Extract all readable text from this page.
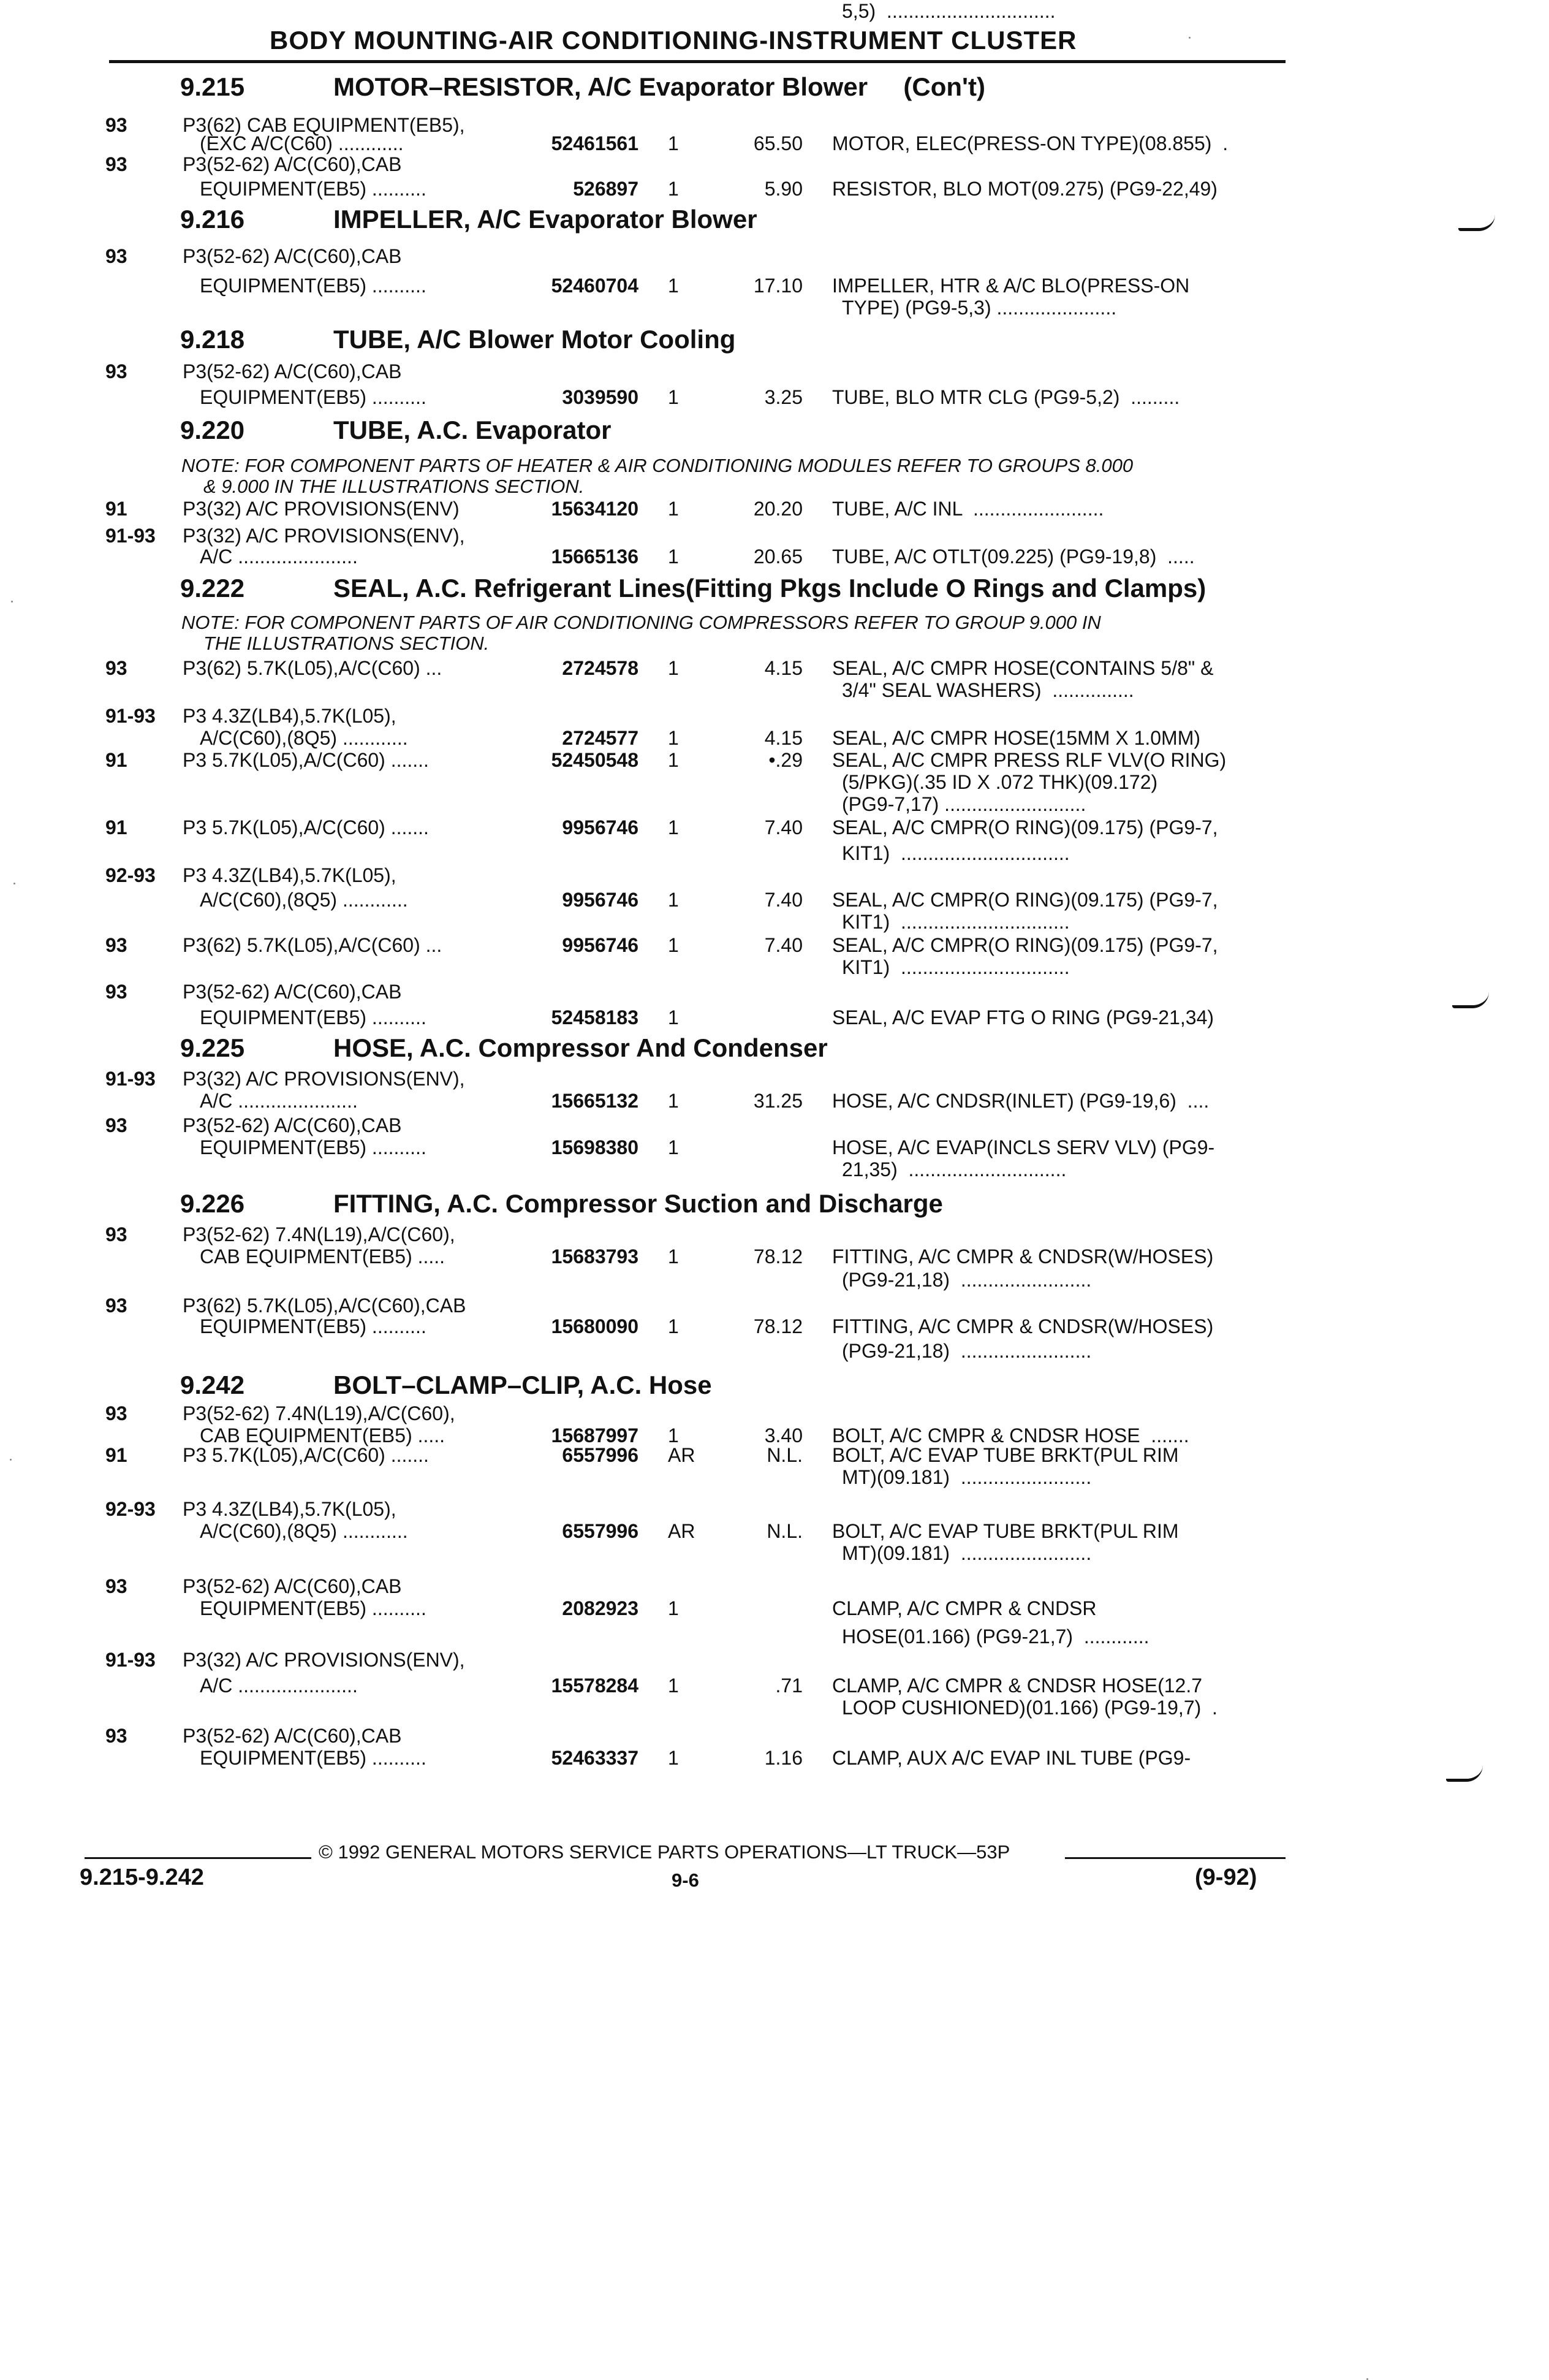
BODY MOUNTING-AIR CONDITIONING-INSTRUMENT CLUSTER
9.215	MOTOR–RESISTOR, A/C Evaporator Blower     (Con't)
93	P3(62) CAB EQUIPMENT(EB5),
(EXC A/C(C60) ............	52461561 1	65.50 MOTOR, ELEC(PRESS-ON TYPE)(08.855)  .
93	P3(52-62) A/C(C60),CAB
EQUIPMENT(EB5) ..........	526897 1	5.90 RESISTOR, BLO MOT(09.275) (PG9-22,49)
9.216	IMPELLER, A/C Evaporator Blower
93	P3(52-62) A/C(C60),CAB
EQUIPMENT(EB5) ..........	52460704 1	17.10 IMPELLER, HTR & A/C BLO(PRESS-ON
TYPE) (PG9-5,3) ......................
9.218	TUBE, A/C Blower Motor Cooling
93	P3(52-62) A/C(C60),CAB
EQUIPMENT(EB5) ..........	3039590 1	3.25 TUBE, BLO MTR CLG (PG9-5,2)  .........
9.220	TUBE, A.C. Evaporator
NOTE: FOR COMPONENT PARTS OF HEATER & AIR CONDITIONING MODULES REFER TO GROUPS 8.000
& 9.000 IN THE ILLUSTRATIONS SECTION.
91	P3(32) A/C PROVISIONS(ENV)	15634120 1	20.20 TUBE, A/C INL  ........................
91-93 P3(32) A/C PROVISIONS(ENV),
A/C ......................	15665136 1	20.65 TUBE, A/C OTLT(09.225) (PG9-19,8)  .....
9.222	SEAL, A.C. Refrigerant Lines(Fitting Pkgs Include O Rings and Clamps)
NOTE: FOR COMPONENT PARTS OF AIR CONDITIONING COMPRESSORS REFER TO GROUP 9.000 IN
THE ILLUSTRATIONS SECTION.
93	P3(62) 5.7K(L05),A/C(C60) ...	2724578 1	4.15 SEAL, A/C CMPR HOSE(CONTAINS 5/8" &
3/4" SEAL WASHERS)  ...............
91-93 P3 4.3Z(LB4),5.7K(L05),
A/C(C60),(8Q5) ............	2724577 1	4.15 SEAL, A/C CMPR HOSE(15MM X 1.0MM)
91	P3 5.7K(L05),A/C(C60) .......	52450548 1	•.29 SEAL, A/C CMPR PRESS RLF VLV(O RING)
(5/PKG)(.35 ID X .072 THK)(09.172)
(PG9-7,17) ..........................
91	P3 5.7K(L05),A/C(C60) .......	9956746 1	7.40 SEAL, A/C CMPR(O RING)(09.175) (PG9-7,
KIT1)  ...............................
92-93 P3 4.3Z(LB4),5.7K(L05),
A/C(C60),(8Q5) ............	9956746 1	7.40 SEAL, A/C CMPR(O RING)(09.175) (PG9-7,
KIT1)  ...............................
93	P3(62) 5.7K(L05),A/C(C60) ...	9956746 1	7.40 SEAL, A/C CMPR(O RING)(09.175) (PG9-7,
KIT1)  ...............................
93	P3(52-62) A/C(C60),CAB
EQUIPMENT(EB5) ..........	52458183 1	SEAL, A/C EVAP FTG O RING (PG9-21,34)
9.225	HOSE, A.C. Compressor And Condenser
91-93 P3(32) A/C PROVISIONS(ENV),
A/C ......................	15665132 1	31.25 HOSE, A/C CNDSR(INLET) (PG9-19,6)  ....
93	P3(52-62) A/C(C60),CAB
EQUIPMENT(EB5) ..........	15698380 1	HOSE, A/C EVAP(INCLS SERV VLV) (PG9-
21,35)  .............................
9.226	FITTING, A.C. Compressor Suction and Discharge
93	P3(52-62) 7.4N(L19),A/C(C60),
CAB EQUIPMENT(EB5) .....	15683793 1	78.12 FITTING, A/C CMPR & CNDSR(W/HOSES)
(PG9-21,18)  ........................
93	P3(62) 5.7K(L05),A/C(C60),CAB
EQUIPMENT(EB5) ..........	15680090 1	78.12 FITTING, A/C CMPR & CNDSR(W/HOSES)
(PG9-21,18)  ........................
9.242	BOLT–CLAMP–CLIP, A.C. Hose
93	P3(52-62) 7.4N(L19),A/C(C60),
CAB EQUIPMENT(EB5) .....	15687997 1	3.40 BOLT, A/C CMPR & CNDSR HOSE  .......
91	P3 5.7K(L05),A/C(C60) .......	6557996 AR	N.L. BOLT, A/C EVAP TUBE BRKT(PUL RIM
MT)(09.181)  ........................
92-93 P3 4.3Z(LB4),5.7K(L05),
A/C(C60),(8Q5) ............	6557996 AR	N.L. BOLT, A/C EVAP TUBE BRKT(PUL RIM
MT)(09.181)  ........................
93	P3(52-62) A/C(C60),CAB
EQUIPMENT(EB5) ..........	2082923 1	CLAMP, A/C CMPR & CNDSR
HOSE(01.166) (PG9-21,7)  ............
91-93 P3(32) A/C PROVISIONS(ENV),
A/C ......................	15578284 1	.71 CLAMP, A/C CMPR & CNDSR HOSE(12.7
LOOP CUSHIONED)(01.166) (PG9-19,7)  .
93	P3(52-62) A/C(C60),CAB
EQUIPMENT(EB5) ..........	52463337 1	1.16 CLAMP, AUX A/C EVAP INL TUBE (PG9-
5,5)  ...............................
© 1992 GENERAL MOTORS SERVICE PARTS OPERATIONS—LT TRUCK—53P
9.215-9.242	9-6	(9-92)
